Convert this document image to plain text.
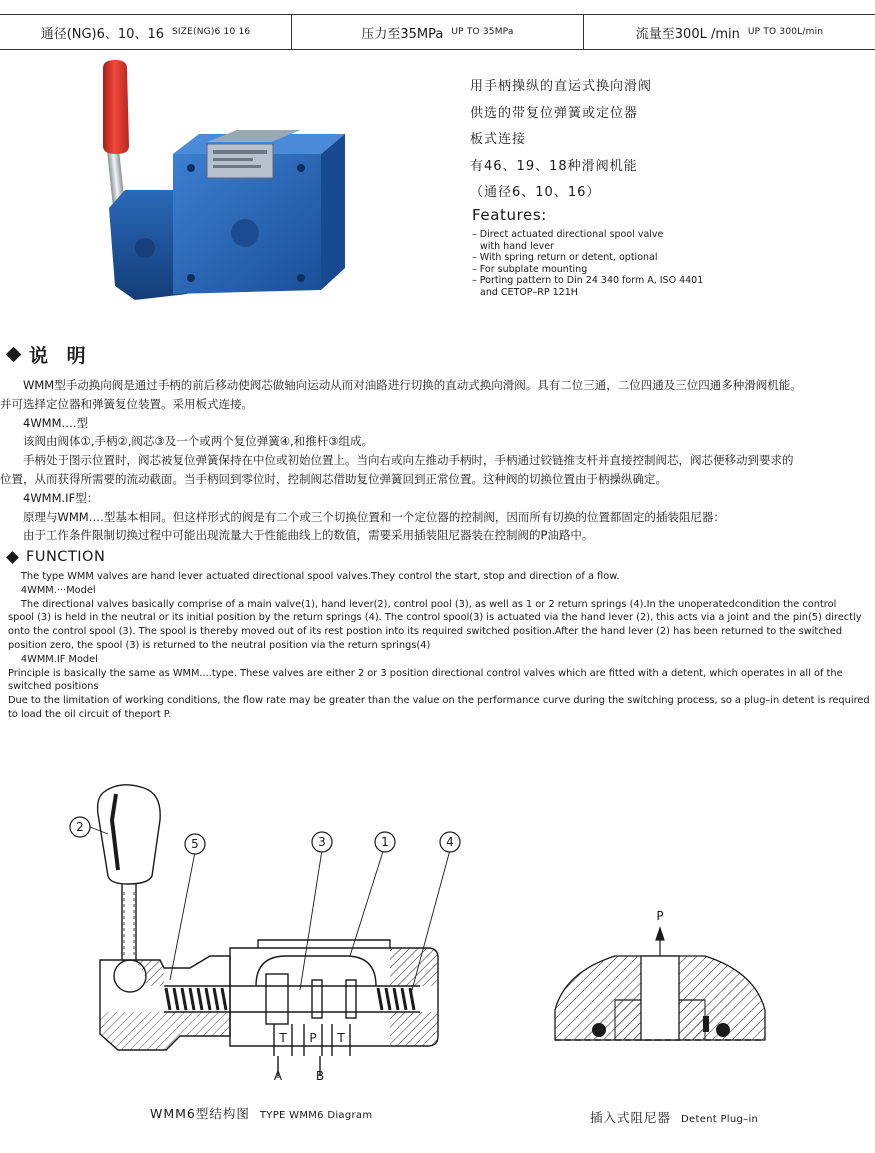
通径(NG)6、10、16 SIZE(NG)6 10 16	压力至35MPa UP TO 35MPa	流量至300L /min UP TO 300L/min
用手柄操纵的直运式换向滑阀
供选的带复位弹簧或定位器
板式连接
有46、19、18种滑阀机能
（通径6、10、16）
Features:
– Direct actuated directional spool valve
with hand lever
– With spring return or detent, optional
– For subplate mounting
– Porting pattern to Din 24 340 form A, ISO 4401
and CETOP–RP 121H
说 明

　　WMM型手动换向阀是通过手柄的前后移动使阀芯做轴向运动从而对油路进行切换的直动式换向滑阀。具有二位三通，二位四通及三位四通多种滑阀机能。

并可选择定位器和弹簧复位装置。采用板式连接。

　　4WMM.…型

　　该阀由阀体①,手柄②,阀芯③及一个或两个复位弹簧④,和推杆③组成。

　　手柄处于图示位置时，阀芯被复位弹簧保持在中位或初始位置上。当向右或向左推动手柄时，手柄通过铰链推支杆并直接控制阀芯，阀芯便移动到要求的

位置，从而获得所需要的流动截面。当手柄回到零位时，控制阀芯借助复位弹簧回到正常位置。这种阀的切换位置由于柄操纵确定。

　　4WMM.IF型：

　　原理与WMM.…型基本相同。但这样形式的阀是有二个或三个切换位置和一个定位器的控制阀，因而所有切换的位置都固定的插装阻尼器：

　　由于工作条件限制切换过程中可能出现流量大于性能曲线上的数值，需要采用插装阻尼器装在控制阀的P油路中。

FUNCTION

　 The type WMM valves are hand lever actuated directional spool valves.They control the start, stop and direction of a flow.

　 4WMM.···Model

　 The directional valves basically comprise of a main valve(1), hand lever(2), control pool (3), as well as 1 or 2 return springs (4).In the unoperatedcondition the control

spool (3) is held in the neutral or its initial position by the return springs (4). The control spool(3) is actuated via the hand lever (2), this acts via a joint and the pin(5) directly

onto the control spool (3). The spool is thereby moved out of its rest postion into its required switched position.After the hand lever (2) has been returned to the switched

position zero, the spool (3) is returned to the neutral position via the return springs(4)

　 4WMM.IF Model

Principle is basically the same as WMM....type. These valves are either 2 or 3 position directional control valves which are fitted with a detent, which operates in all of the

switched positions

Due to the limitation of working conditions, the flow rate may be greater than the value on the performance curve during the switching process, so a plug–in detent is required

to load the oil circuit of theport P.

2
5	3	1	4
T P T
A	B
WMM6型结构图 TYPE WMM6 Diagram
P
插入式阻尼器 Detent Plug–in
